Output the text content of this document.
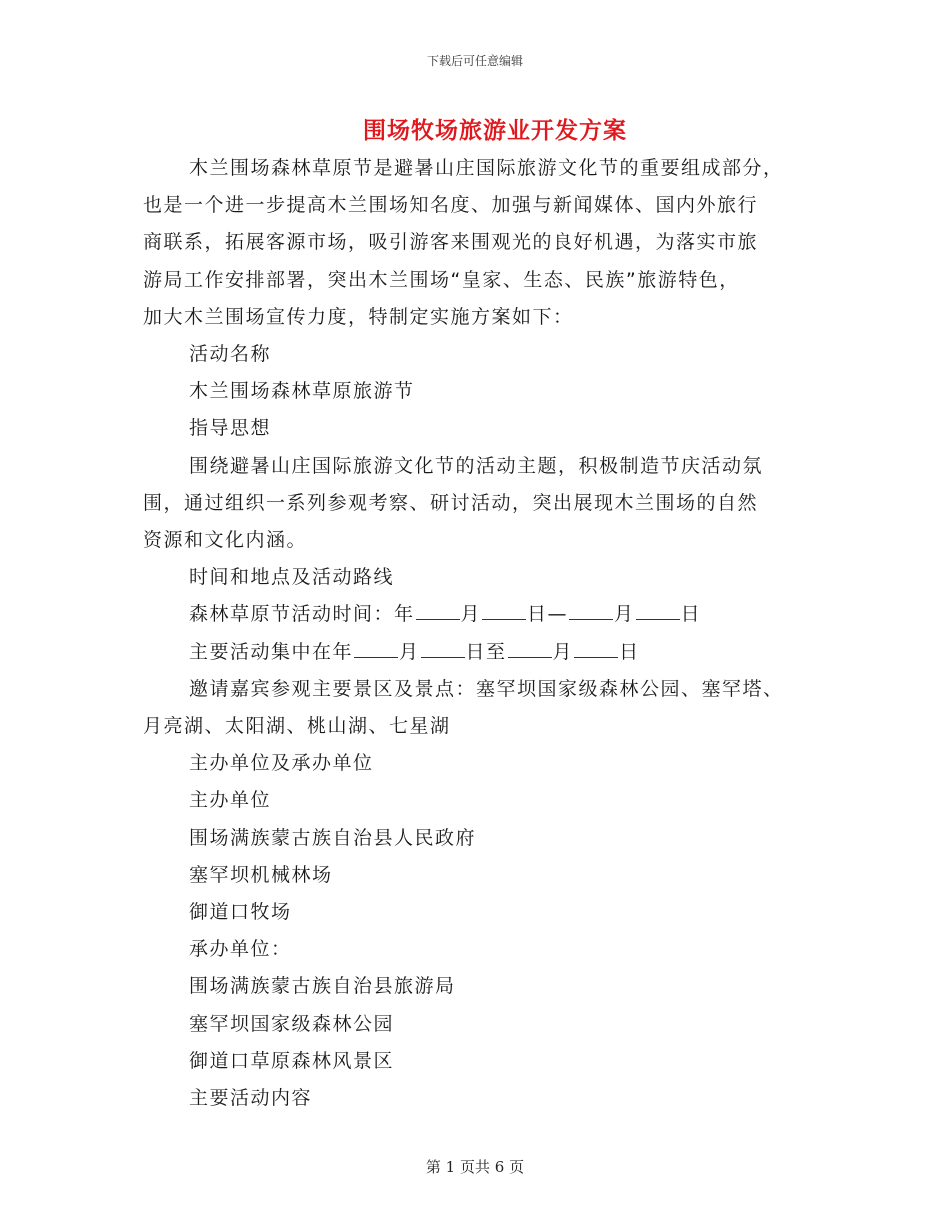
下载后可任意编辑
围场牧场旅游业开发方案
木兰围场森林草原节是避暑山庄国际旅游文化节的重要组成部分，
也是一个进一步提高木兰围场知名度、加强与新闻媒体、国内外旅行
商联系，拓展客源市场，吸引游客来围观光的良好机遇，为落实市旅
游局工作安排部署，突出木兰围场“皇家、生态、民族”旅游特色，
加大木兰围场宣传力度，特制定实施方案如下：
活动名称
木兰围场森林草原旅游节
指导思想
围绕避暑山庄国际旅游文化节的活动主题，积极制造节庆活动氛
围，通过组织一系列参观考察、研讨活动，突出展现木兰围场的自然
资源和文化内涵。
时间和地点及活动路线
森林草原节活动时间：年 月 日— 月 日
主要活动集中在年 月 日至 月 日
邀请嘉宾参观主要景区及景点：塞罕坝国家级森林公园、塞罕塔、
月亮湖、太阳湖、桃山湖、七星湖
主办单位及承办单位
主办单位
围场满族蒙古族自治县人民政府
塞罕坝机械林场
御道口牧场
承办单位：
围场满族蒙古族自治县旅游局
塞罕坝国家级森林公园
御道口草原森林风景区
主要活动内容
第 1 页共 6 页
